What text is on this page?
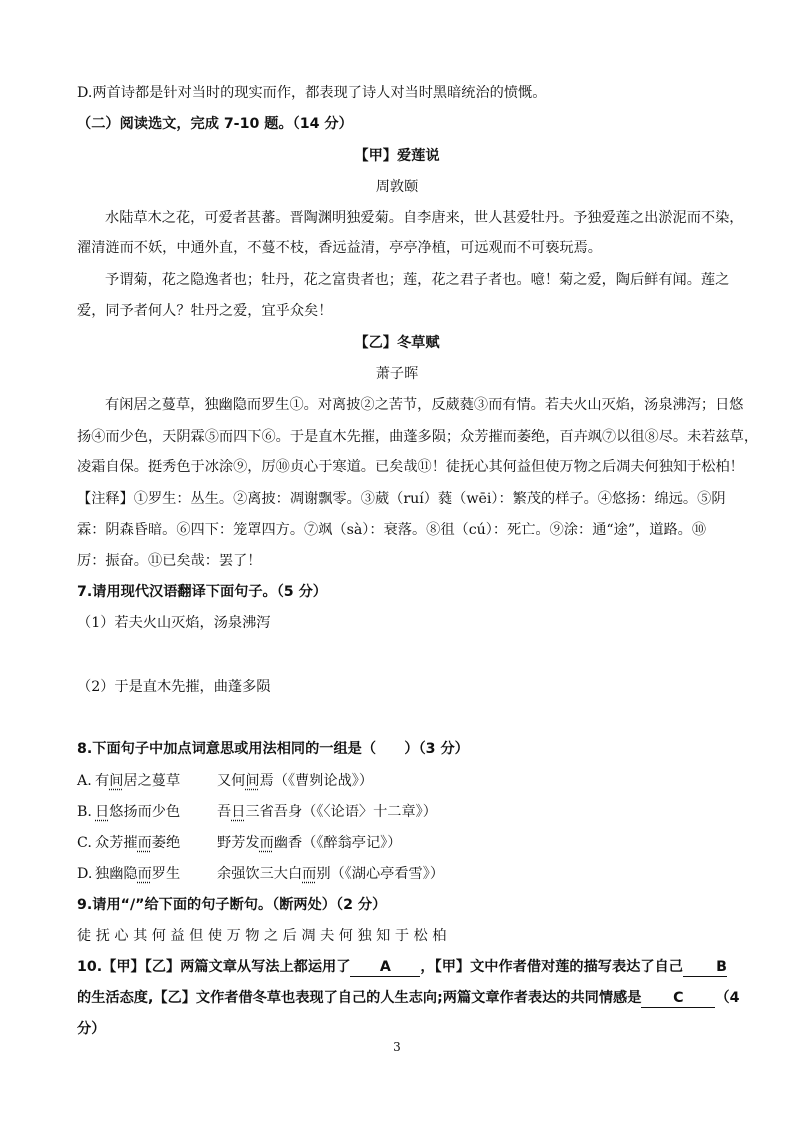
D.两首诗都是针对当时的现实而作，都表现了诗人对当时黑暗统治的愤慨。
（二）阅读选文，完成 7-10 题。（14 分）
【甲】爱莲说
周敦颐
水陆草木之花，可爱者甚蕃。晋陶渊明独爱菊。自李唐来，世人甚爱牡丹。予独爱莲之出淤泥而不染，
濯清涟而不妖，中通外直，不蔓不枝，香远益清，亭亭净植，可远观而不可亵玩焉。
予谓菊，花之隐逸者也；牡丹，花之富贵者也；莲，花之君子者也。噫！菊之爱，陶后鲜有闻。莲之
爱，同予者何人？牡丹之爱，宜乎众矣！
【乙】冬草赋
萧子晖
有闲居之蔓草，独幽隐而罗生①。对离披②之苦节，反葳蕤③而有情。若夫火山灭焰，汤泉沸泻；日悠
扬④而少色，天阴霖⑤而四下⑥。于是直木先摧，曲蓬多陨；众芳摧而萎绝，百卉飒⑦以徂⑧尽。未若兹草，
凌霜自保。挺秀色于冰涂⑨，厉⑩贞心于寒道。已矣哉⑪！徒抚心其何益但使万物之后凋夫何独知于松柏！
【注释】①罗生：丛生。②离披：凋谢飘零。③葳（ruí）蕤（wēi）：繁茂的样子。④悠扬：绵远。⑤阴
霖：阴森昏暗。⑥四下：笼罩四方。⑦飒（sà）：衰落。⑧徂（cú）：死亡。⑨涂：通“途”，道路。⑩
厉：振奋。⑪已矣哉：罢了！
7.请用现代汉语翻译下面句子。（5 分）
（1）若夫火山灭焰，汤泉沸泻
（2）于是直木先摧，曲蓬多陨
8.下面句子中加点词意思或用法相同的一组是（　　）（3 分）
A. 有间居之蔓草	又何间焉（《曹刿论战》）
B. 日悠扬而少色	吾日三省吾身（《〈论语〉十二章》）
C. 众芳摧而萎绝	野芳发而幽香（《醉翁亭记》）
D. 独幽隐而罗生	余强饮三大白而别（《湖心亭看雪》）
9.请用“/”给下面的句子断句。（断两处）（2 分）
徒 抚 心 其 何 益 但 使 万 物 之 后 凋 夫 何 独 知 于 松 柏
10.【甲】【乙】两篇文章从写法上都运用了 A ，【甲】文中作者借对莲的描写表达了自己 B
的生活态度,【乙】文作者借冬草也表现了自己的人生志向;两篇文章作者表达的共同情感是 C （4
分）
3
